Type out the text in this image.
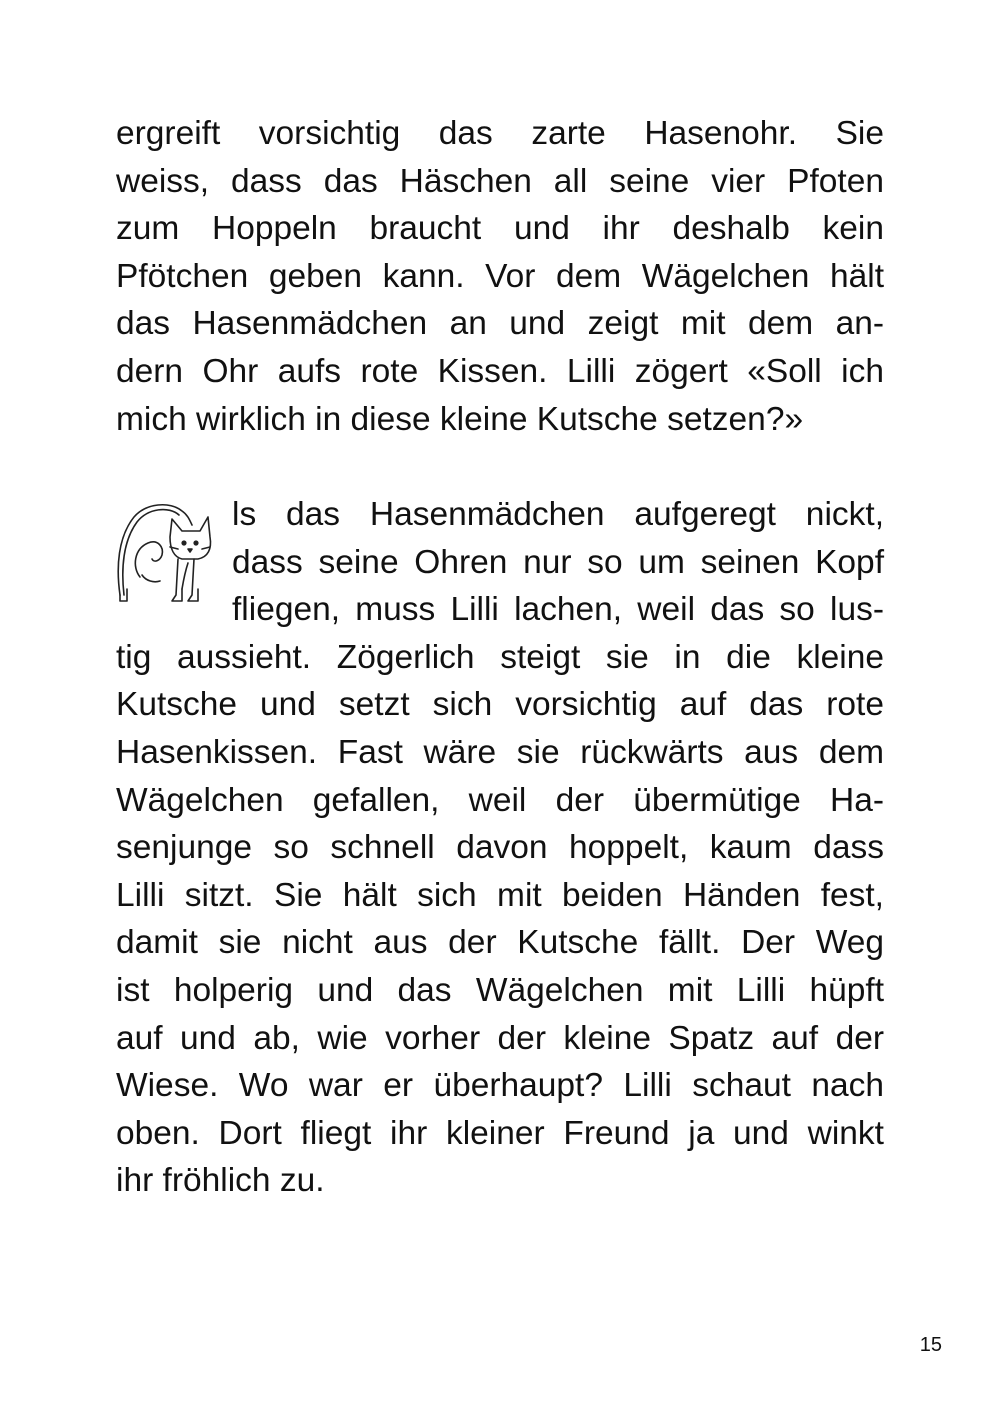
ergreift vorsichtig das zarte Hasenohr. Sie
weiss, dass das Häschen all seine vier Pfoten
zum Hoppeln braucht und ihr deshalb kein
Pfötchen geben kann. Vor dem Wägelchen hält
das Hasenmädchen an und zeigt mit dem an-
dern Ohr aufs rote Kissen. Lilli zögert «Soll ich
mich wirklich in diese kleine Kutsche setzen?»
ls das Hasenmädchen aufgeregt nickt,
dass seine Ohren nur so um seinen Kopf
fliegen, muss Lilli lachen, weil das so lus-
tig aussieht. Zögerlich steigt sie in die kleine
Kutsche und setzt sich vorsichtig auf das rote
Hasenkissen. Fast wäre sie rückwärts aus dem
Wägelchen gefallen, weil der übermütige Ha-
senjunge so schnell davon hoppelt, kaum dass
Lilli sitzt. Sie hält sich mit beiden Händen fest,
damit sie nicht aus der Kutsche fällt. Der Weg
ist holperig und das Wägelchen mit Lilli hüpft
auf und ab, wie vorher der kleine Spatz auf der
Wiese. Wo war er überhaupt? Lilli schaut nach
oben. Dort fliegt ihr kleiner Freund ja und winkt
ihr fröhlich zu.
15
